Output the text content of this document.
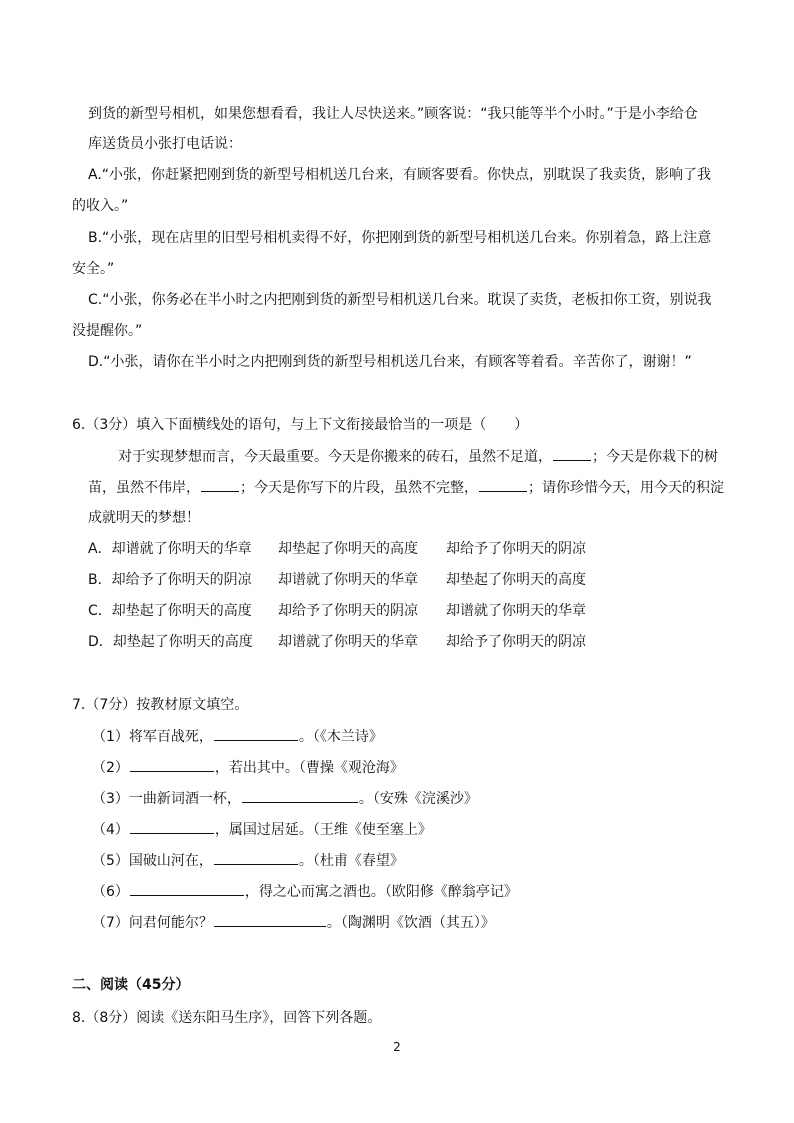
到货的新型号相机，如果您想看看，我让人尽快送来。”顾客说：“我只能等半个小时。”于是小李给仓
库送货员小张打电话说：
A.“小张，你赶紧把刚到货的新型号相机送几台来，有顾客要看。你快点，别耽误了我卖货，影响了我
的收入。”
B.“小张，现在店里的旧型号相机卖得不好，你把刚到货的新型号相机送几台来。你别着急，路上注意
安全。”
C.“小张，你务必在半小时之内把刚到货的新型号相机送几台来。耽误了卖货，老板扣你工资，别说我
没提醒你。”
D.“小张，请你在半小时之内把刚到货的新型号相机送几台来，有顾客等着看。辛苦你了，谢谢！”
6.（3分）填入下面横线处的语句，与上下文衔接最恰当的一项是（　　）
对于实现梦想而言，今天最重要。今天是你搬来的砖石，虽然不足道，	；今天是你栽下的树
苗，虽然不伟岸，	；今天是你写下的片段，虽然不完整，	；请你珍惜今天，用今天的积淀
成就明天的梦想！
A．却谱就了你明天的华章 却垫起了你明天的高度 却给予了你明天的阴凉
B．却给予了你明天的阴凉 却谱就了你明天的华章 却垫起了你明天的高度
C．却垫起了你明天的高度 却给予了你明天的阴凉 却谱就了你明天的华章
D．却垫起了你明天的高度 却谱就了你明天的华章 却给予了你明天的阴凉
7.（7分）按教材原文填空。
（1）将军百战死，	。（《木兰诗》
（2）	，若出其中。（曹操《观沧海》
（3）一曲新词酒一杯，	。（安殊《浣溪沙》
（4）	，属国过居延。（王维《使至塞上》
（5）国破山河在，	。（杜甫《春望》
（6）	，得之心而寓之酒也。（欧阳修《醉翁亭记》
（7）问君何能尔？	。（陶渊明《饮酒（其五）》
二、阅读（45分）
8.（8分）阅读《送东阳马生序》，回答下列各题。
2
